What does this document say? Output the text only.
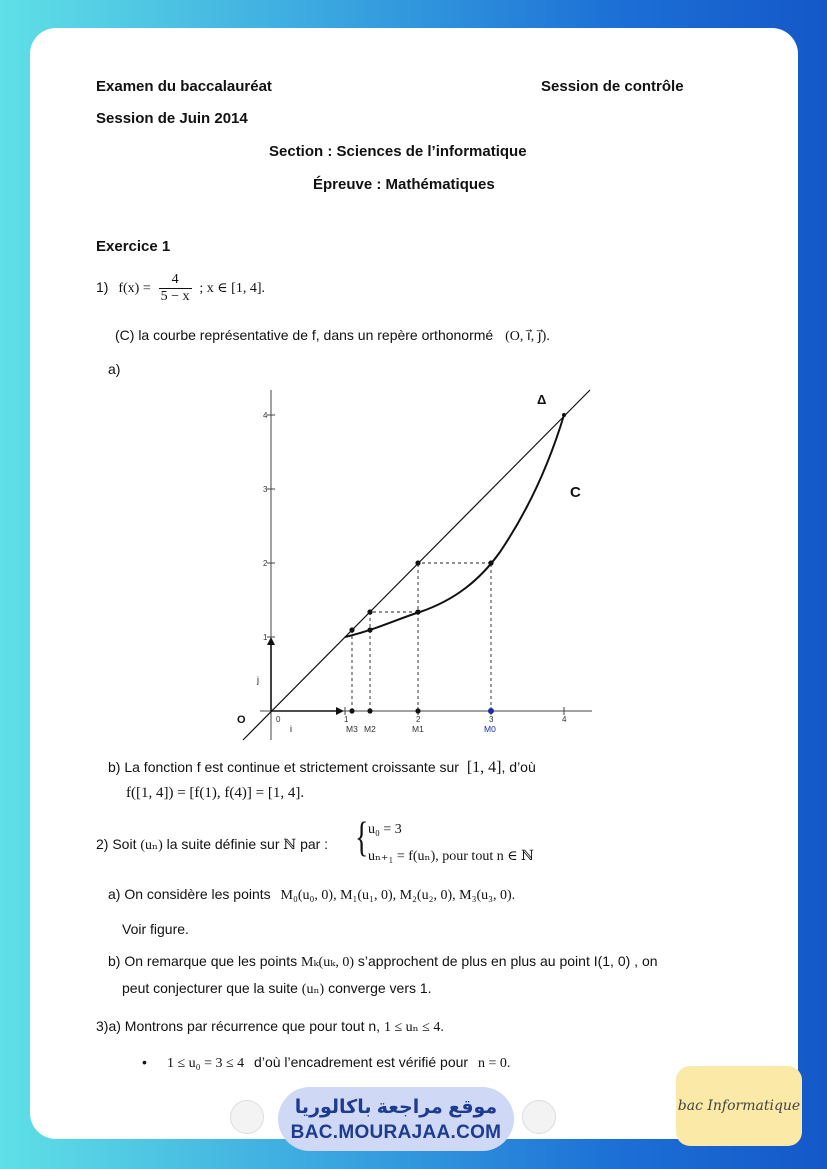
Examen du baccalauréat	Session de contrôle
Session de Juin 2014
Section : Sciences de l’informatique
Épreuve : Mathématiques
Exercice 1
1) $f(x) = \frac{4}{5 - x}$ ; x ∈ [1, 4].
(C) la courbe représentative de f, dans un repère orthonormé (O, i⃗, j⃗).
a)
1	2	3	4
1
2
3
4
0
O
i
j
Δ
C
M3 M2	M1	M0
b) La fonction f est continue et strictement croissante sur [1, 4], d’où
f([1, 4]) = [f(1), f(4)] = [1, 4].
2) Soit (uₙ) la suite définie sur ℕ par : { u₀ = 3
uₙ₊₁ = f(uₙ), pour tout n ∈ ℕ
a) On considère les points M₀(u₀, 0), M₁(u₁, 0), M₂(u₂, 0), M₃(u₃, 0).
Voir figure.
b) On remarque que les points Mₖ(uₖ, 0) s’approchent de plus en plus au point I(1, 0) , on
peut conjecturer que la suite (uₙ) converge vers 1.
3)a) Montrons par récurrence que pour tout n, 1 ≤ uₙ ≤ 4.
• 1 ≤ u₀ = 3 ≤ 4 d’où l’encadrement est vérifié pour n = 0.
موقع مراجعة باكالوريا
BAC.MOURAJAA.COM
bac Informatique
